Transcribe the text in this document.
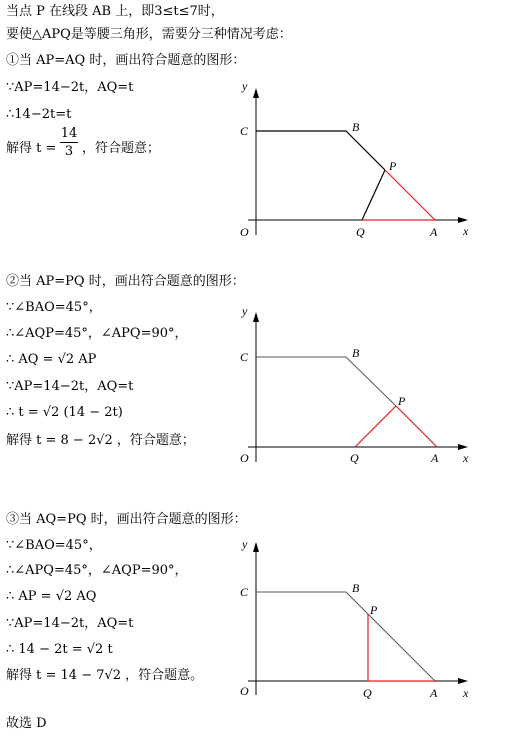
当点 P 在线段 AB 上，即3≤t≤7时，
要使△APQ是等腰三角形，需要分三种情况考虑：
①当 AP=AQ 时，画出符合题意的图形：
∵AP=14−2t，AQ=t
∴14−2t=t
解得 t =
14
3 ，符合题意；
y
x
C	B
P
O	Q	A
②当 AP=PQ 时，画出符合题意的图形：
∵∠BAO=45°，
∴∠AQP=45°，∠APQ=90°，
∴ AQ = √2 AP
∵AP=14−2t，AQ=t
∴ t = √2 (14 − 2t)
解得 t = 8 − 2√2 ，符合题意；
y
x
C	B
P
O	Q	A
③当 AQ=PQ 时，画出符合题意的图形：
∵∠BAO=45°，
∴∠APQ=45°，∠AQP=90°，
∴ AP = √2 AQ
∵AP=14−2t，AQ=t
∴ 14 − 2t = √2 t
解得 t = 14 − 7√2 ，符合题意。
y
x
C	B
P
O	Q	A
故选 D
